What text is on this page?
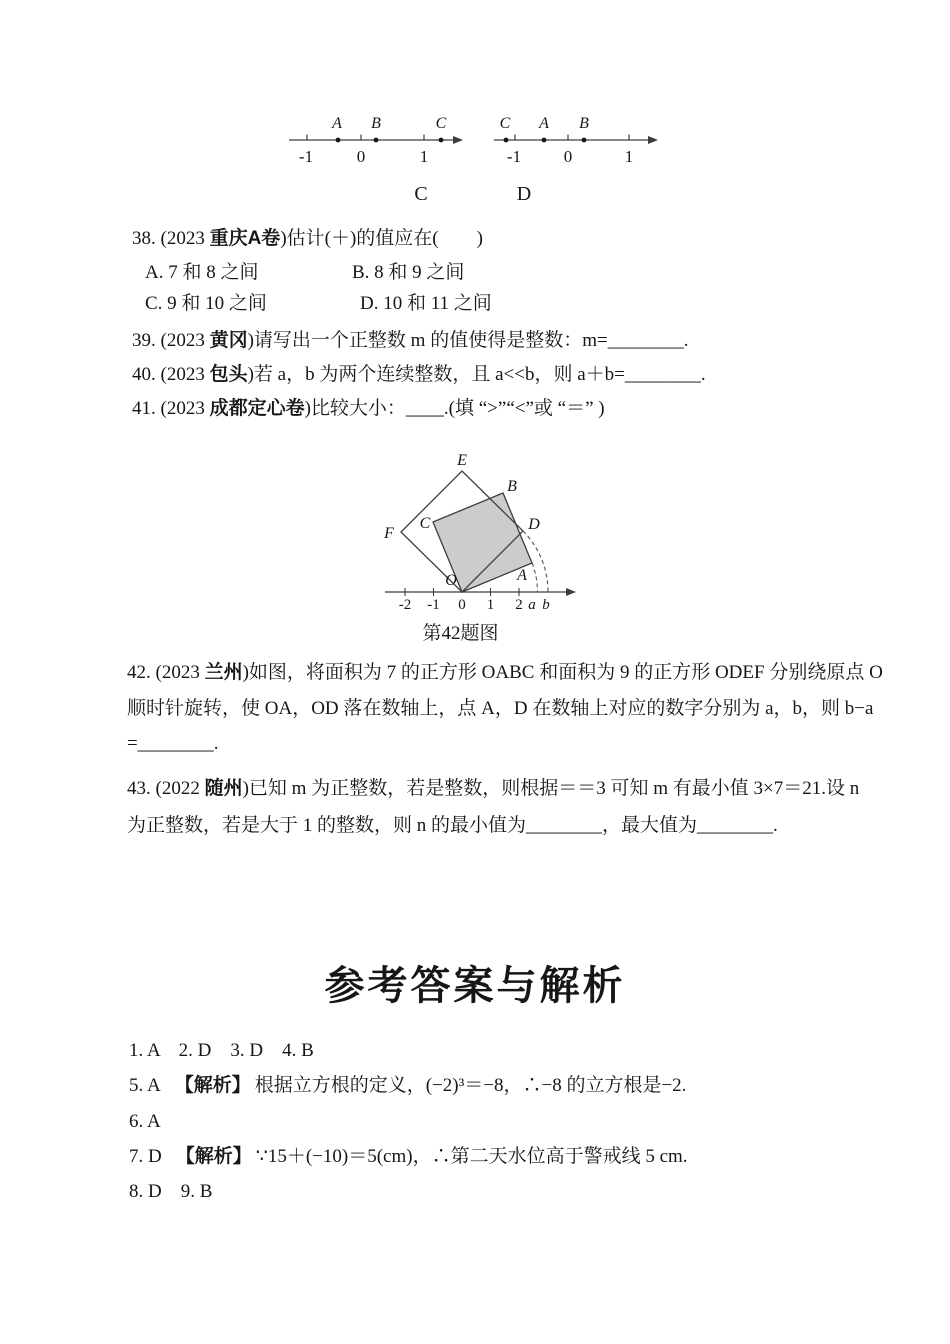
A B	C
-1	0	1
C A B
-1	0	1
C	D
38. (2023 重庆A卷)估计(＋)的值应在(　　)
A. 7 和 8 之间	B. 8 和 9 之间
C. 9 和 10 之间	D. 10 和 11 之间
39. (2023 黄冈)请写出一个正整数 m 的值使得是整数：m=________.
40. (2023 包头)若 a，b 为两个连续整数，且 a<<b，则 a＋b=________.
41. (2023 成都定心卷)比较大小：____.(填 “>”“<”或 “＝” )
E
B
C
F
D
O	A
-2 -1 0 1 2 a b
第42题图
42. (2023 兰州)如图，将面积为 7 的正方形 OABC 和面积为 9 的正方形 ODEF 分别绕原点 O
顺时针旋转，使 OA，OD 落在数轴上，点 A，D 在数轴上对应的数字分别为 a，b，则 b−a
=________.
43. (2022 随州)已知 m 为正整数，若是整数，则根据＝＝3 可知 m 有最小值 3×7＝21.设 n
为正整数，若是大于 1 的整数，则 n 的最小值为________，最大值为________.
参考答案与解析
1. A　2. D　3. D　4. B
5. A 【解析】 根据立方根的定义，(−2)³＝−8，∴−8 的立方根是−2.
6. A
7. D 【解析】 ∵15＋(−10)＝5(cm)，∴第二天水位高于警戒线 5 cm.
8. D　9. B
